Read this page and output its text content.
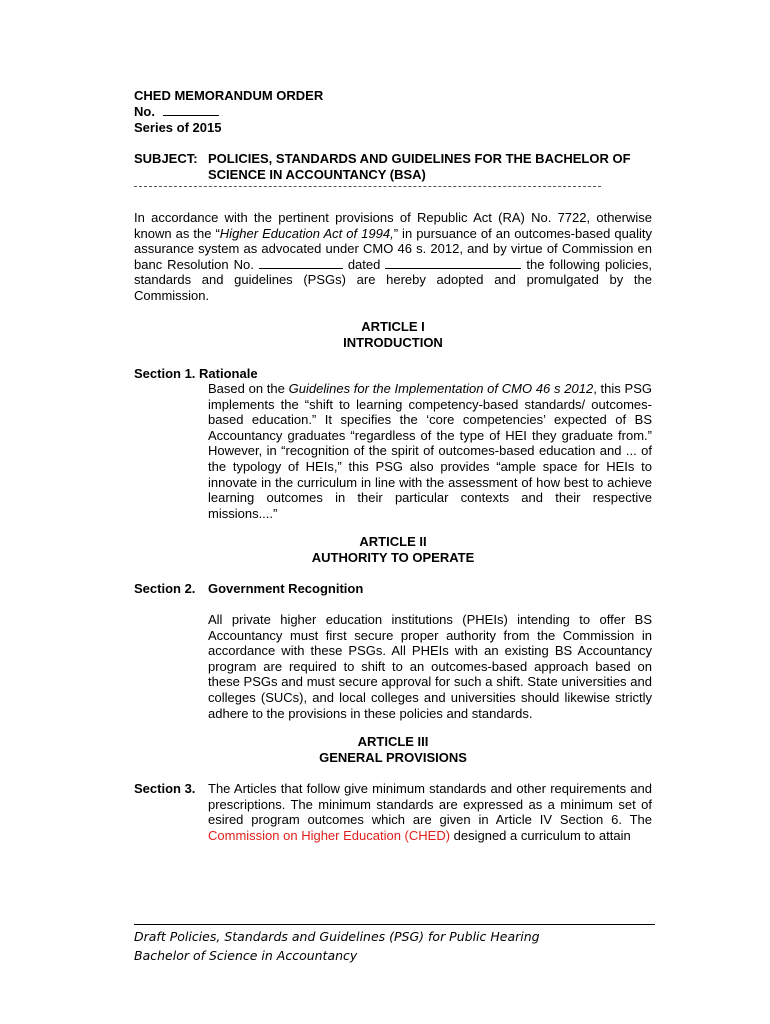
CHED MEMORANDUM ORDER
No.
Series of 2015
SUBJECT: POLICIES, STANDARDS AND GUIDELINES FOR THE BACHELOR OF
SCIENCE IN ACCOUNTANCY (BSA)
In accordance with the pertinent provisions of Republic Act (RA) No. 7722, otherwise known as the “Higher Education Act of 1994,” in pursuance of an outcomes-based quality assurance system as advocated under CMO 46 s. 2012, and by virtue of Commission en banc Resolution No.	dated	the following policies, standards and guidelines (PSGs) are hereby adopted and promulgated by the Commission.
ARTICLE I
INTRODUCTION
Section 1. Rationale
Based on the Guidelines for the Implementation of CMO 46 s 2012, this PSG implements the “shift to learning competency-based standards/ outcomes-based education.” It specifies the ‘core competencies’ expected of BS Accountancy graduates “regardless of the type of HEI they graduate from.” However, in “recognition of the spirit of outcomes-based education and ... of the typology of HEIs,” this PSG also provides “ample space for HEIs to innovate in the curriculum in line with the assessment of how best to achieve learning outcomes in their particular contexts and their respective missions....”
ARTICLE II
AUTHORITY TO OPERATE
Section 2. Government Recognition
All private higher education institutions (PHEIs) intending to offer BS Accountancy must first secure proper authority from the Commission in accordance with these PSGs. All PHEIs with an existing BS Accountancy program are required to shift to an outcomes-based approach based on these PSGs and must secure approval for such a shift. State universities and colleges (SUCs), and local colleges and universities should likewise strictly adhere to the provisions in these policies and standards.
ARTICLE III
GENERAL PROVISIONS
Section 3. The Articles that follow give minimum standards and other requirements and prescriptions. The minimum standards are expressed as a minimum set of esired program outcomes which are given in Article IV Section 6. The Commission on Higher Education (CHED) designed a curriculum to attain
Draft Policies, Standards and Guidelines (PSG) for Public Hearing
Bachelor of Science in Accountancy
